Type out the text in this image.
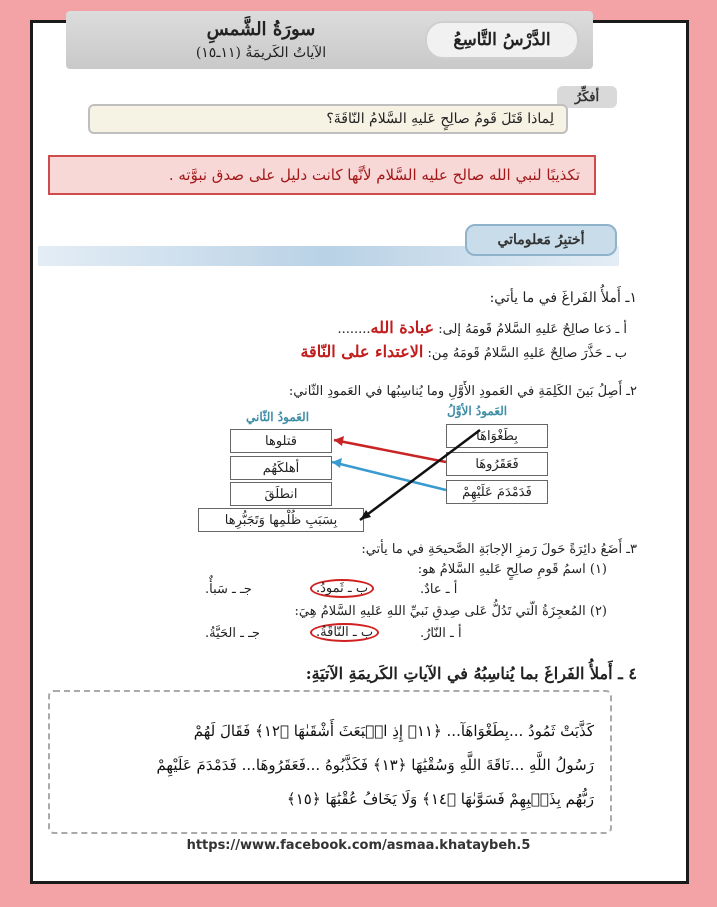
الدَّرْسُ التَّاسِعُ
سورَةُ الشَّمسِ
الآياتُ الكَريمَةُ (١١ـ١٥)
أفكِّرُ
لِماذا قَتَلَ قَومُ صالِحٍ عَليهِ السَّلامُ النّاقَةَ؟
تكذيبًا لنبي الله صالح عليه السَّلام لأنَّها كانت دليل على صدق نبوَّته .
أختبِرُ مَعلوماتي
١ـ أَملأُ الفَراغَ في ما يأتي:
أ ـ دَعا صالِحٌ عَليهِ السَّلامُ قَومَهُ إلى: عبادة الله........
ب ـ حَذَّرَ صالِحٌ عَليهِ السَّلامُ قَومَهُ مِن: الاعتداء على النّاقة
٢ـ أَصِلُ بَينَ الكَلِمَةِ في العَمودِ الأَوَّلِ وما يُناسِبُها في العَمودِ الثّاني:
العَمودُ الأوَّلُ
العَمودُ الثّاني
بِطَغْوَاهَا
فَعَقَرُوهَا
فَدَمْدَمَ عَلَيْهِمْ
قتلوها
أهلكَهُم
انطلَقَ
بِسَبَبِ ظُلْمِها وَتَجَبُّرِها
٣ـ أَضَعُ دائِرَةً حَولَ رَمزِ الإجابَةِ الصَّحيحَةِ في ما يأتي:
(١) اسمُ قَومِ صالِحٍ عَليهِ السَّلامُ هو:
أ ـ عادٌ.
ب ـ ثَمودُ.
جـ ـ سَبأٌ.
(٢) المُعجِزَةُ الّتي تَدُلُّ عَلى صِدقِ نَبيِّ اللهِ عَليهِ السَّلامُ هِيَ:
أ ـ النّارُ.
ب ـ النّاقَةُ.
جـ ـ الحَيَّةُ.
٤ ـ أَملأُ الفَراغَ بما يُناسِبُهُ في الآياتِ الكَريمَةِ الآتيَةِ:
كَذَّبَتْ ثَمُودُ ...بِطَغْوَاهَآ... ﴿١١﴾ إِذِ انۢبَعَثَ أَشْقَىٰهَا ﴿١٢﴾ فَقَالَ لَهُمْ
رَسُولُ اللَّهِ ...نَاقَةَ اللَّهِ وَسُقْيَٰهَا ﴿١٣﴾ فَكَذَّبُوهُ ...فَعَقَرُوهَا... فَدَمْدَمَ عَلَيْهِمْ
رَبُّهُم بِذَنۢبِهِمْ فَسَوَّىٰهَا ﴿١٤﴾ وَلَا يَخَافُ عُقْبَٰهَا ﴿١٥﴾
https://www.facebook.com/asmaa.khataybeh.5
